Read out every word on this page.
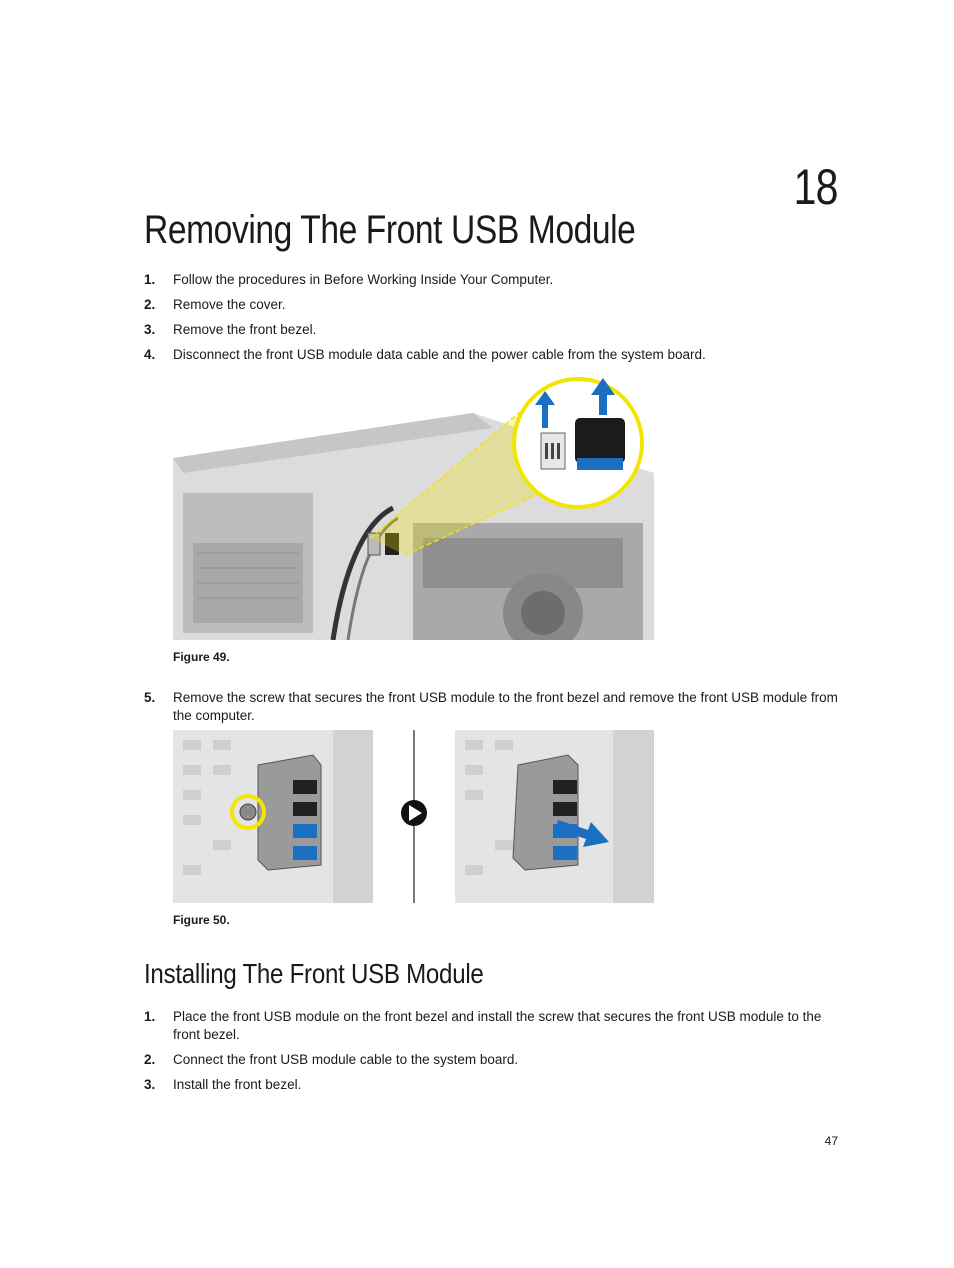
18
Removing The Front USB Module
1. Follow the procedures in Before Working Inside Your Computer.
2. Remove the cover.
3. Remove the front bezel.
4. Disconnect the front USB module data cable and the power cable from the system board.
Figure 49.
5. Remove the screw that secures the front USB module to the front bezel and remove the front USB module from the computer.
Figure 50.
Installing The Front USB Module
1. Place the front USB module on the front bezel and install the screw that secures the front USB module to the front bezel.
2. Connect the front USB module cable to the system board.
3. Install the front bezel.
47
